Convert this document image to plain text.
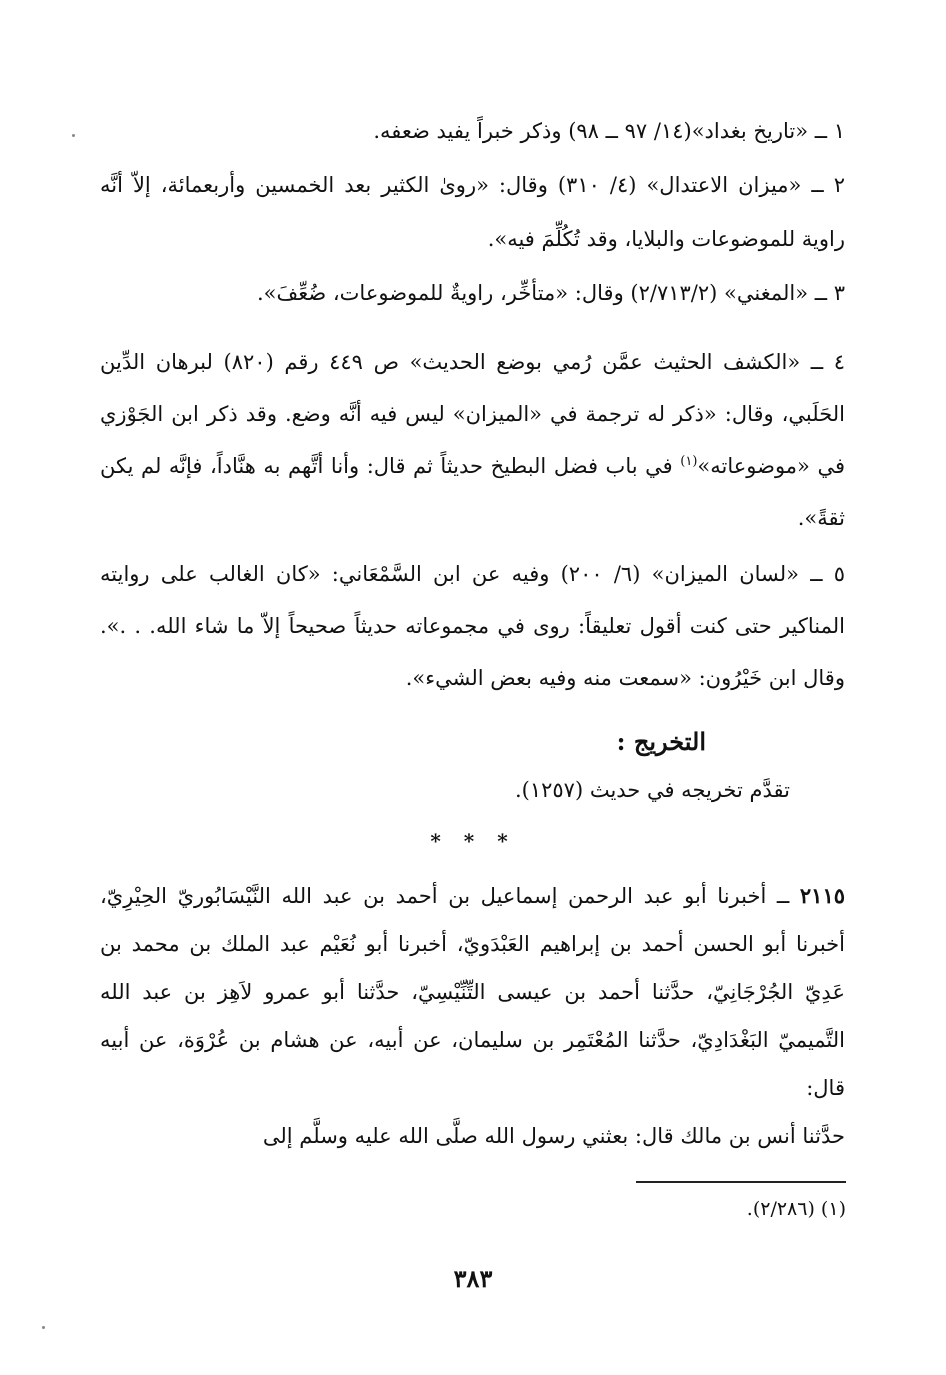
١ ــ «تاريخ بغداد»(١٤/ ٩٧ ــ ٩٨) وذكر خبراً يفيد ضعفه.

٢ ــ «ميزان الاعتدال» (٤/ ٣١٠) وقال: «روىٰ الكثير بعد الخمسين وأربعمائة، إلاّ أنَّه راوية للموضوعات والبلايا، وقد تُكُلِّمَ فيه».

٣ ــ «المغني» (٢/٧١٣/٢) وقال: «متأخِّر، راويةٌ للموضوعات، ضُعِّفَ».

٤ ــ «الكشف الحثيث عمَّن رُمي بوضع الحديث» ص ٤٤٩ رقم (٨٢٠) لبرهان الدِّين الحَلَبي، وقال: «ذكر له ترجمة في «الميزان» ليس فيه أنَّه وضع. وقد ذكر ابن الجَوْزي في «موضوعاته»$^{(١)}$ في باب فضل البطيخ حديثاً ثم قال: وأنا أتَّهم به هنَّاداً، فإنَّه لم يكن ثقةً».

٥ ــ «لسان الميزان» (٦/ ٢٠٠) وفيه عن ابن السَّمْعَاني: «كان الغالب على روايته المناكير حتى كنت أقول تعليقاً: روى في مجموعاته حديثاً صحيحاً إلاّ ما شاء الله. . .». وقال ابن خَيْرُون: «سمعت منه وفيه بعض الشيء».

التخريج :
تقدَّم تخريجه في حديث (١٢٥٧).
* * *

٢١١٥ ــ أخبرنا أبو عبد الرحمن إسماعيل بن أحمد بن عبد الله النَّيْسَابُوريّ الحِيْرِيّ، أخبرنا أبو الحسن أحمد بن إبراهيم العَبْدَويّ، أخبرنا أبو نُعَيْم عبد الملك بن محمد بن عَدِيّ الجُرْجَانِيّ، حدَّثنا أحمد بن عيسى التِّنِّيْسِيّ، حدَّثنا أبو عمرو لاَهِز بن عبد الله التَّميميّ البَغْدَادِيّ، حدَّثنا المُعْتَمِر بن سليمان، عن أبيه، عن هشام بن عُرْوَة، عن أبيه قال:

حدَّثنا أنس بن مالك قال: بعثني رسول الله صلَّى الله عليه وسلَّم إلى

(١) (٢/٢٨٦).
٣٨٣
